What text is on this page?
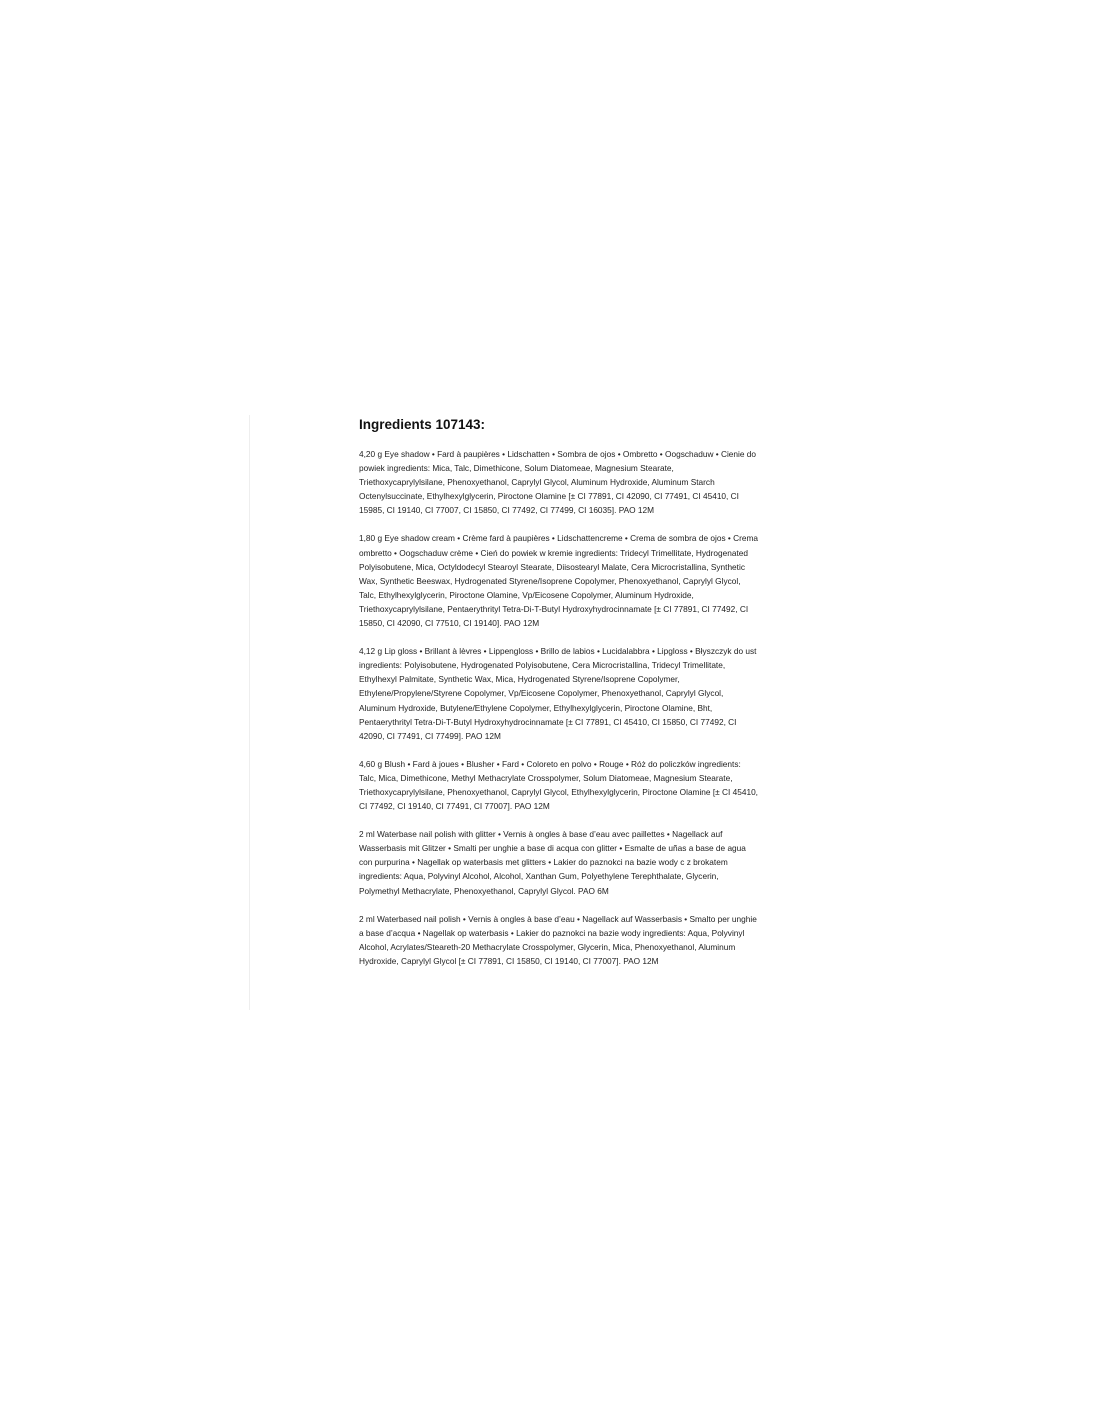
Ingredients 107143:

4,20 g Eye shadow • Fard à paupières • Lidschatten • Sombra de ojos • Ombretto • Oogschaduw • Cienie do powiek ingredients: Mica, Talc, Dimethicone, Solum Diatomeae, Magnesium Stearate, Triethoxycaprylylsilane, Phenoxyethanol, Caprylyl Glycol, Aluminum Hydroxide, Aluminum Starch Octenylsuccinate, Ethylhexylglycerin, Piroctone Olamine [± CI 77891, CI 42090, CI 77491, CI 45410, CI 15985, CI 19140, CI 77007, CI 15850, CI 77492, CI 77499, CI 16035]. PAO 12M

1,80 g Eye shadow cream • Crème fard à paupières • Lidschattencreme • Crema de sombra de ojos • Crema ombretto • Oogschaduw crème • Cień do powiek w kremie ingredients: Tridecyl Trimellitate, Hydrogenated Polyisobutene, Mica, Octyldodecyl Stearoyl Stearate, Diisostearyl Malate, Cera Microcristallina, Synthetic Wax, Synthetic Beeswax, Hydrogenated Styrene/Isoprene Copolymer, Phenoxyethanol, Caprylyl Glycol, Talc, Ethylhexylglycerin, Piroctone Olamine, Vp/Eicosene Copolymer, Aluminum Hydroxide, Triethoxycaprylylsilane, Pentaerythrityl Tetra-Di-T-Butyl Hydroxyhydrocinnamate [± CI 77891, CI 77492, CI 15850, CI 42090, CI 77510, CI 19140]. PAO 12M

4,12 g Lip gloss • Brillant à lèvres • Lippengloss • Brillo de labios • Lucidalabbra • Lipgloss • Błyszczyk do ust ingredients: Polyisobutene, Hydrogenated Polyisobutene, Cera Microcristallina, Tridecyl Trimellitate, Ethylhexyl Palmitate, Synthetic Wax, Mica, Hydrogenated Styrene/Isoprene Copolymer, Ethylene/Propylene/Styrene Copolymer, Vp/Eicosene Copolymer, Phenoxyethanol, Caprylyl Glycol, Aluminum Hydroxide, Butylene/Ethylene Copolymer, Ethylhexylglycerin, Piroctone Olamine, Bht, Pentaerythrityl Tetra-Di-T-Butyl Hydroxyhydrocinnamate [± CI 77891, CI 45410, CI 15850, CI 77492, CI 42090, CI 77491, CI 77499]. PAO 12M

4,60 g Blush • Fard à joues • Blusher • Fard • Coloreto en polvo • Rouge • Róż do policzków ingredients: Talc, Mica, Dimethicone, Methyl Methacrylate Crosspolymer, Solum Diatomeae, Magnesium Stearate, Triethoxycaprylylsilane, Phenoxyethanol, Caprylyl Glycol, Ethylhexylglycerin, Piroctone Olamine [± CI 45410, CI 77492, CI 19140, CI 77491, CI 77007]. PAO 12M

2 ml Waterbase nail polish with glitter • Vernis à ongles à base d’eau avec paillettes • Nagellack auf Wasserbasis mit Glitzer • Smalti per unghie a base di acqua con glitter • Esmalte de uñas a base de agua con purpurina • Nagellak op waterbasis met glitters • Lakier do paznokci na bazie wody c z brokatem ingredients: Aqua, Polyvinyl Alcohol, Alcohol, Xanthan Gum, Polyethylene Terephthalate, Glycerin, Polymethyl Methacrylate, Phenoxyethanol, Caprylyl Glycol. PAO 6M

2 ml Waterbased nail polish • Vernis à ongles à base d’eau • Nagellack auf Wasserbasis • Smalto per unghie a base d’acqua • Nagellak op waterbasis • Lakier do paznokci na bazie wody ingredients: Aqua, Polyvinyl Alcohol, Acrylates/Steareth-20 Methacrylate Crosspolymer, Glycerin, Mica, Phenoxyethanol, Aluminum Hydroxide, Caprylyl Glycol [± CI 77891, CI 15850, CI 19140, CI 77007]. PAO 12M
